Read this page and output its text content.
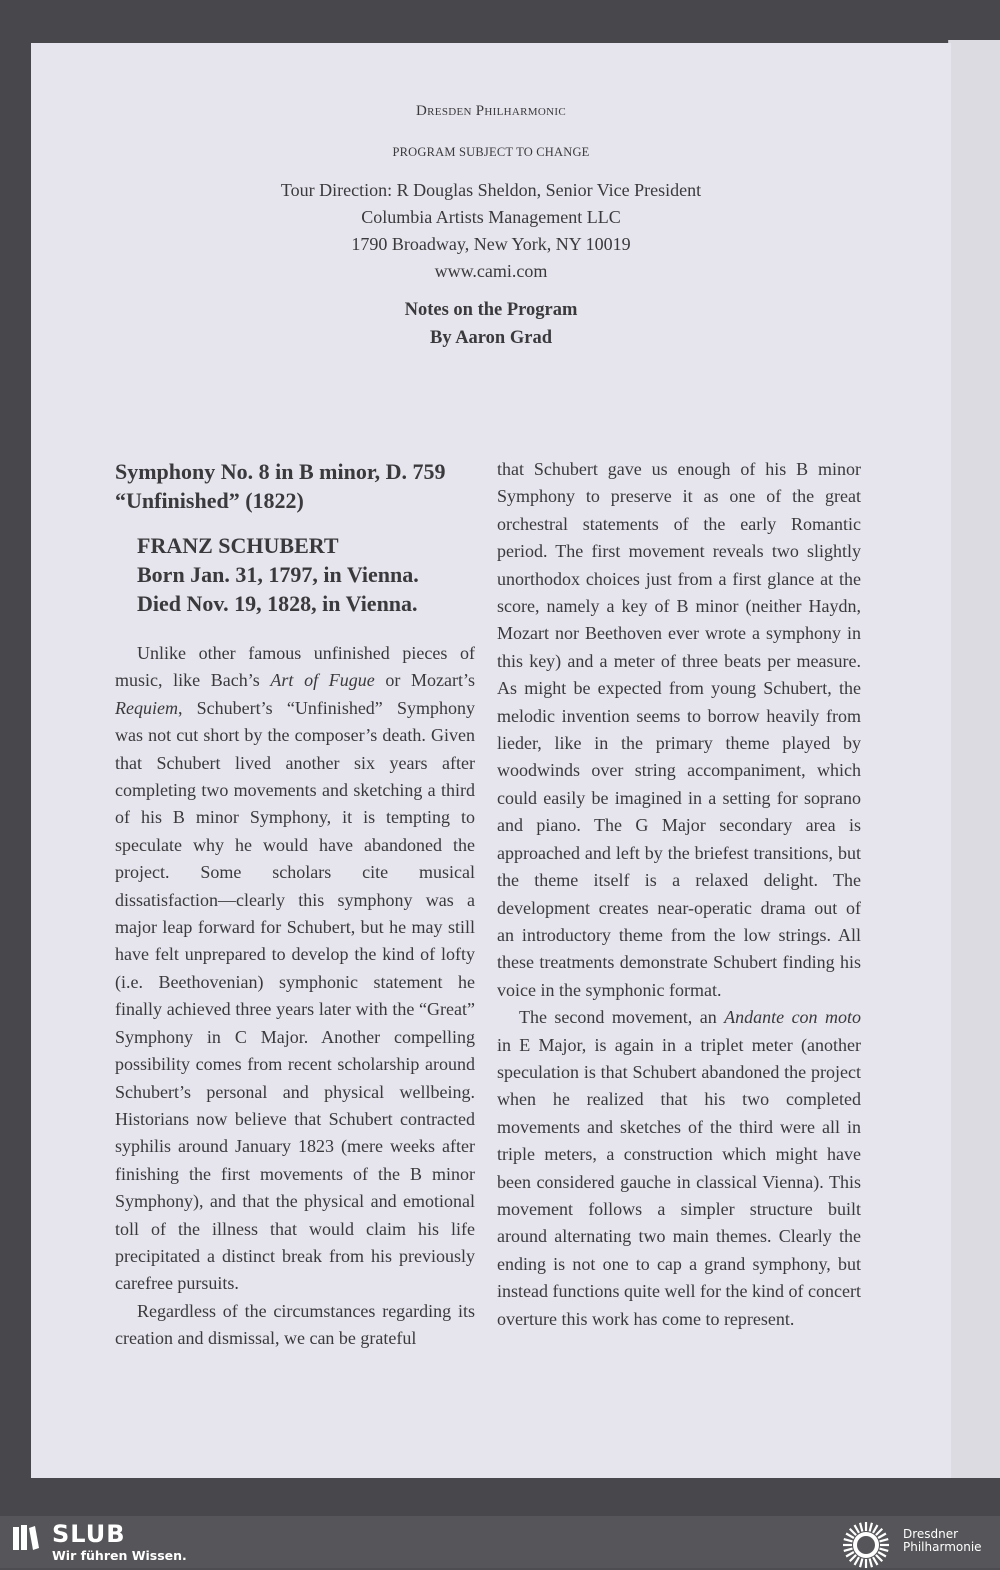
Dresden Philharmonic
PROGRAM SUBJECT TO CHANGE
Tour Direction: R Douglas Sheldon, Senior Vice President
Columbia Artists Management LLC
1790 Broadway, New York, NY 10019
www.cami.com
Notes on the Program
By Aaron Grad
Symphony No. 8 in B minor, D. 759
“Unfinished” (1822)
FRANZ SCHUBERT
Born Jan. 31, 1797, in Vienna.
Died Nov. 19, 1828, in Vienna.

Unlike other famous unfinished pieces of music, like Bach’s Art of Fugue or Mozart’s Requiem, Schubert’s “Unfinished” Symphony was not cut short by the composer’s death. Given that Schubert lived another six years after completing two movements and sketching a third of his B minor Symphony, it is tempting to speculate why he would have abandoned the project. Some scholars cite musical dissatisfaction—clearly this symphony was a major leap forward for Schubert, but he may still have felt unprepared to develop the kind of lofty (i.e. Beethovenian) symphonic statement he finally achieved three years later with the “Great” Symphony in C Major. Another compelling possibility comes from recent scholarship around Schubert’s personal and physical wellbeing. Historians now believe that Schubert contracted syphilis around January 1823 (mere weeks after finishing the first movements of the B minor Symphony), and that the physical and emotional toll of the illness that would claim his life precipitated a distinct break from his previously carefree pursuits.

Regardless of the circumstances regarding its creation and dismissal, we can be grateful

that Schubert gave us enough of his B minor Symphony to preserve it as one of the great orchestral statements of the early Romantic period. The first movement reveals two slightly unorthodox choices just from a first glance at the score, namely a key of B minor (neither Haydn, Mozart nor Beethoven ever wrote a symphony in this key) and a meter of three beats per measure. As might be expected from young Schubert, the melodic invention seems to borrow heavily from lieder, like in the primary theme played by woodwinds over string accompaniment, which could easily be imagined in a setting for soprano and piano. The G Major secondary area is approached and left by the briefest transitions, but the theme itself is a relaxed delight. The development creates near-operatic drama out of an introductory theme from the low strings. All these treatments demonstrate Schubert finding his voice in the symphonic format.

The second movement, an Andante con moto in E Major, is again in a triplet meter (another speculation is that Schubert abandoned the project when he realized that his two completed movements and sketches of the third were all in triple meters, a construction which might have been considered gauche in classical Vienna). This movement follows a simpler structure built around alternating two main themes. Clearly the ending is not one to cap a grand symphony, but instead functions quite well for the kind of concert overture this work has come to represent.

SLUB
Wir führen Wissen.
Dresdner
Philharmonie
